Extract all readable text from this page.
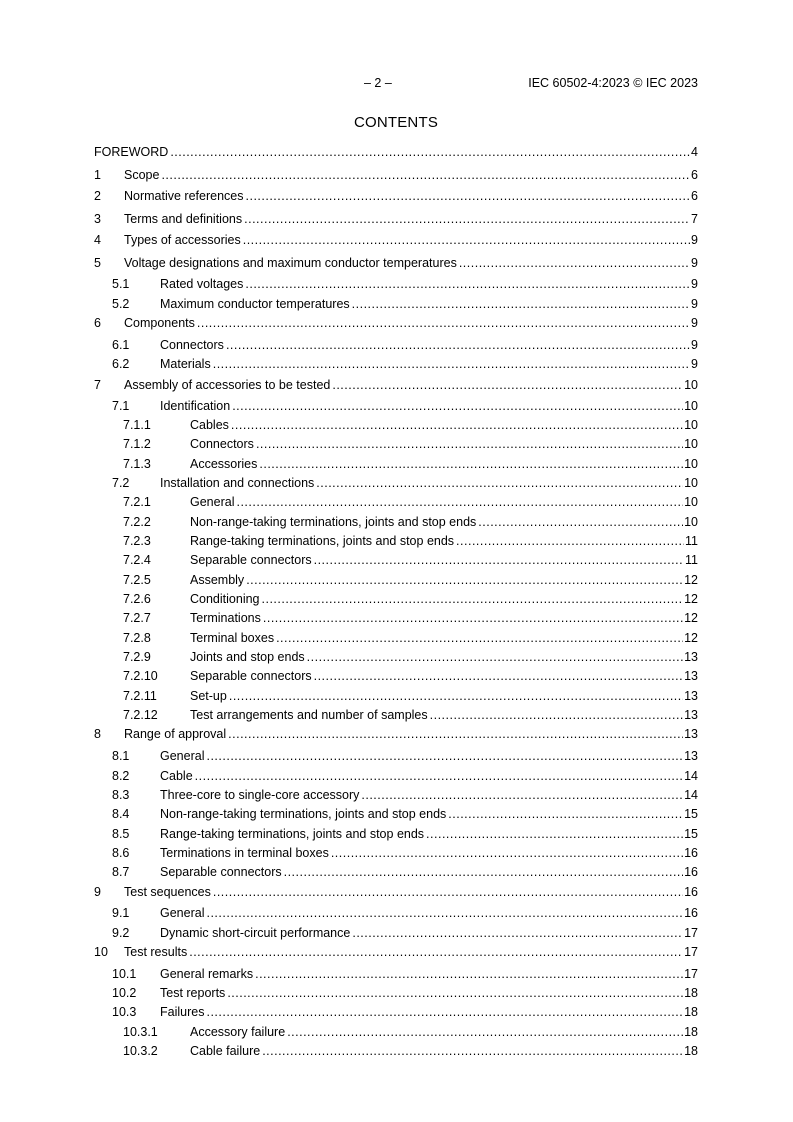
– 2 –	IEC 60502-4:2023 © IEC 2023
CONTENTS
FOREWORD .....	4
1	Scope .....	6
2	Normative references .....	6
3	Terms and definitions .....	7
4	Types of accessories .....	9
5	Voltage designations and maximum conductor temperatures .....	9
5.1	Rated voltages .....	9
5.2	Maximum conductor temperatures .....	9
6	Components .....	9
6.1	Connectors .....	9
6.2	Materials .....	9
7	Assembly of accessories to be tested .....	10
7.1	Identification .....	10
7.1.1	Cables .....	10
7.1.2	Connectors .....	10
7.1.3	Accessories .....	10
7.2	Installation and connections .....	10
7.2.1	General .....	10
7.2.2	Non-range-taking terminations, joints and stop ends .....	10
7.2.3	Range-taking terminations, joints and stop ends .....	11
7.2.4	Separable connectors .....	11
7.2.5	Assembly .....	12
7.2.6	Conditioning .....	12
7.2.7	Terminations .....	12
7.2.8	Terminal boxes .....	12
7.2.9	Joints and stop ends .....	13
7.2.10	Separable connectors .....	13
7.2.11	Set-up .....	13
7.2.12	Test arrangements and number of samples .....	13
8	Range of approval .....	13
8.1	General .....	13
8.2	Cable .....	14
8.3	Three-core to single-core accessory .....	14
8.4	Non-range-taking terminations, joints and stop ends .....	15
8.5	Range-taking terminations, joints and stop ends .....	15
8.6	Terminations in terminal boxes .....	16
8.7	Separable connectors .....	16
9	Test sequences .....	16
9.1	General .....	16
9.2	Dynamic short-circuit performance .....	17
10	Test results .....	17
10.1	General remarks .....	17
10.2	Test reports .....	18
10.3	Failures .....	18
10.3.1	Accessory failure .....	18
10.3.2	Cable failure .....	18
